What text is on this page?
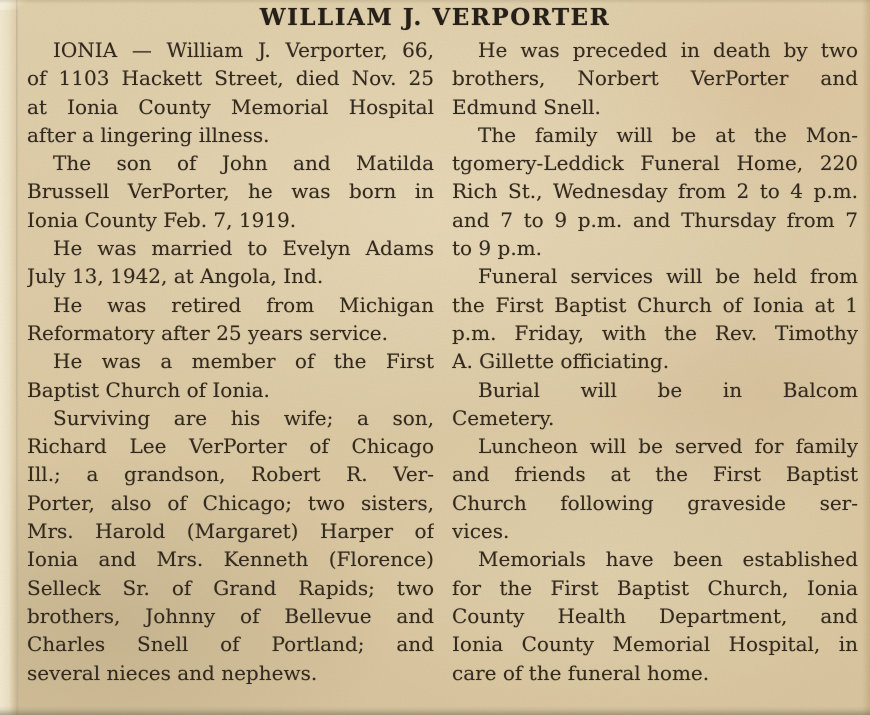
WILLIAM J. VERPORTER

IONIA — William J. Verporter, 66,
of 1103 Hackett Street, died Nov. 25
at Ionia County Memorial Hospital
after a lingering illness.

The son of John and Matilda
Brussell VerPorter, he was born in
Ionia County Feb. 7, 1919.

He was married to Evelyn Adams
July 13, 1942, at Angola, Ind.

He was retired from Michigan
Reformatory after 25 years service.

He was a member of the First
Baptist Church of Ionia.

Surviving are his wife; a son,
Richard Lee VerPorter of Chicago
Ill.; a grandson, Robert R. Ver-
Porter, also of Chicago; two sisters,
Mrs. Harold (Margaret) Harper of
Ionia and Mrs. Kenneth (Florence)
Selleck Sr. of Grand Rapids; two
brothers, Johnny of Bellevue and
Charles Snell of Portland; and
several nieces and nephews.

He was preceded in death by two
brothers, Norbert VerPorter and
Edmund Snell.

The family will be at the Mon-
tgomery-Leddick Funeral Home, 220
Rich St., Wednesday from 2 to 4 p.m.
and 7 to 9 p.m. and Thursday from 7
to 9 p.m.

Funeral services will be held from
the First Baptist Church of Ionia at 1
p.m. Friday, with the Rev. Timothy
A. Gillette officiating.

Burial will be in Balcom
Cemetery.

Luncheon will be served for family
and friends at the First Baptist
Church following graveside ser-
vices.

Memorials have been established
for the First Baptist Church, Ionia
County Health Department, and
Ionia County Memorial Hospital, in
care of the funeral home.
